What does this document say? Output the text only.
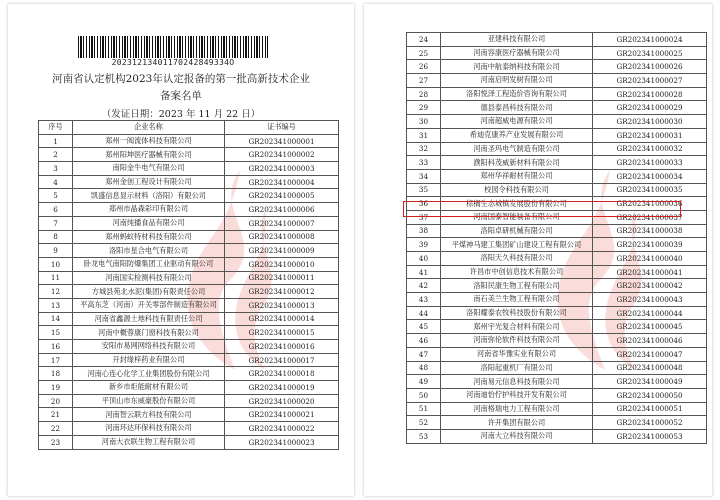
20231213401170242849334O
河南省认定机构2023年认定报备的第一批高新技术企业
备案名单
（发证日期：2023 年 11 月 22 日）
序号	企业名称	证书编号
1	郑州一阀流体科技有限公司	GR202341000001
2	郑州阳坤医疗器械有限公司	GR202341000002
3	南阳金牛电气有限公司	GR202341000003
4	郑州金创工程设计有限公司	GR202341000004
5	凯盛信息显示材料（洛阳）有限公司	GR202341000005
6	郑州市晶森彩印有限公司	GR202341000006
7	河南纯播食品有限公司	GR202341000007
8	郑州蚂蚁特材科技有限公司	GR202341000008
9	洛阳市星合电气有限公司	GR202341000009
10	卧龙电气南阳防爆集团工业驱动有限公司	GR202341000010
11	河南国实检测科技有限公司	GR202341000011
12	方城县苑北水泥(集团)有限责任公司	GR202341000012
13	平高东芝（河南）开关零部件制造有限公司	GR202341000013
14	河南省鑫源土地科技有限责任公司	GR202341000014
15	河南中概蓉康门窗科技有限公司	GR202341000015
16	安阳市易网网络科技有限公司	GR202341000016
17	开封缘梓药业有限公司	GR202341000017
18	河南心连心化学工业集团股份有限公司	GR202341000018
19	新乡市炬能耐材有限公司	GR202341000019
20	平顶山市东威豪股份有限公司	GR202341000020
21	河南智云联方科技有限公司	GR202341000021
22	河南环达环保科技有限公司	GR202341000022
23	河南大衣联生物工程有限公司	GR202341000023
24	亚建科技有限公司	GR202341000024
25	河南容康医疗器械有限公司	GR202341000025
26	河南中航泰纳科技有限公司	GR202341000026
27	河南启明发树有限公司	GR202341000027
28	洛阳悦泽工程造价咨询有限公司	GR202341000028
29	德县泰昌科技有限公司	GR202341000029
30	河南超威电源有限公司	GR202341000030
31	希迪克康养产业发展有限公司	GR202341000031
32	河南圣玛电气制造有限公司	GR202341000032
33	濮阳科茂威新材料有限公司	GR202341000033
34	郑州华祥耐材有限公司	GR202341000034
35	校园令科技有限公司	GR202341000035
36	棕榈生态城镇发展股份有限公司	GR202341000036
37	河南国泰智能装备有限公司	GR202341000037
38	洛阳卓研机械有限公司	GR202341000038
39	平煤神马建工集团矿山建设工程有限公司	GR202341000039
40	洛阳天久科技有限公司	GR202341000040
41	许昌市中创信息技术有限公司	GR202341000041
42	洛阳民康生物工程有限公司	GR202341000042
43	南石美兰生物工程有限公司	GR202341000043
44	洛阳耀泰农牧科技股份有限公司	GR202341000044
45	郑州宇光复合材料有限公司	GR202341000045
46	河南弥伦软件科技有限公司	GR202341000046
47	河南省华豫实业有限公司	GR202341000047
48	洛阳起重机厂有限公司	GR202341000048
49	河南易元信息科技有限公司	GR202341000049
50	河南迪恰佇护科技开发有限公司	GR202341000050
51	河南格瑞电力工程有限公司	GR202341000051
52	许开集团有限公司	GR202341000052
53	河南大立科技有限公司	GR202341000053
